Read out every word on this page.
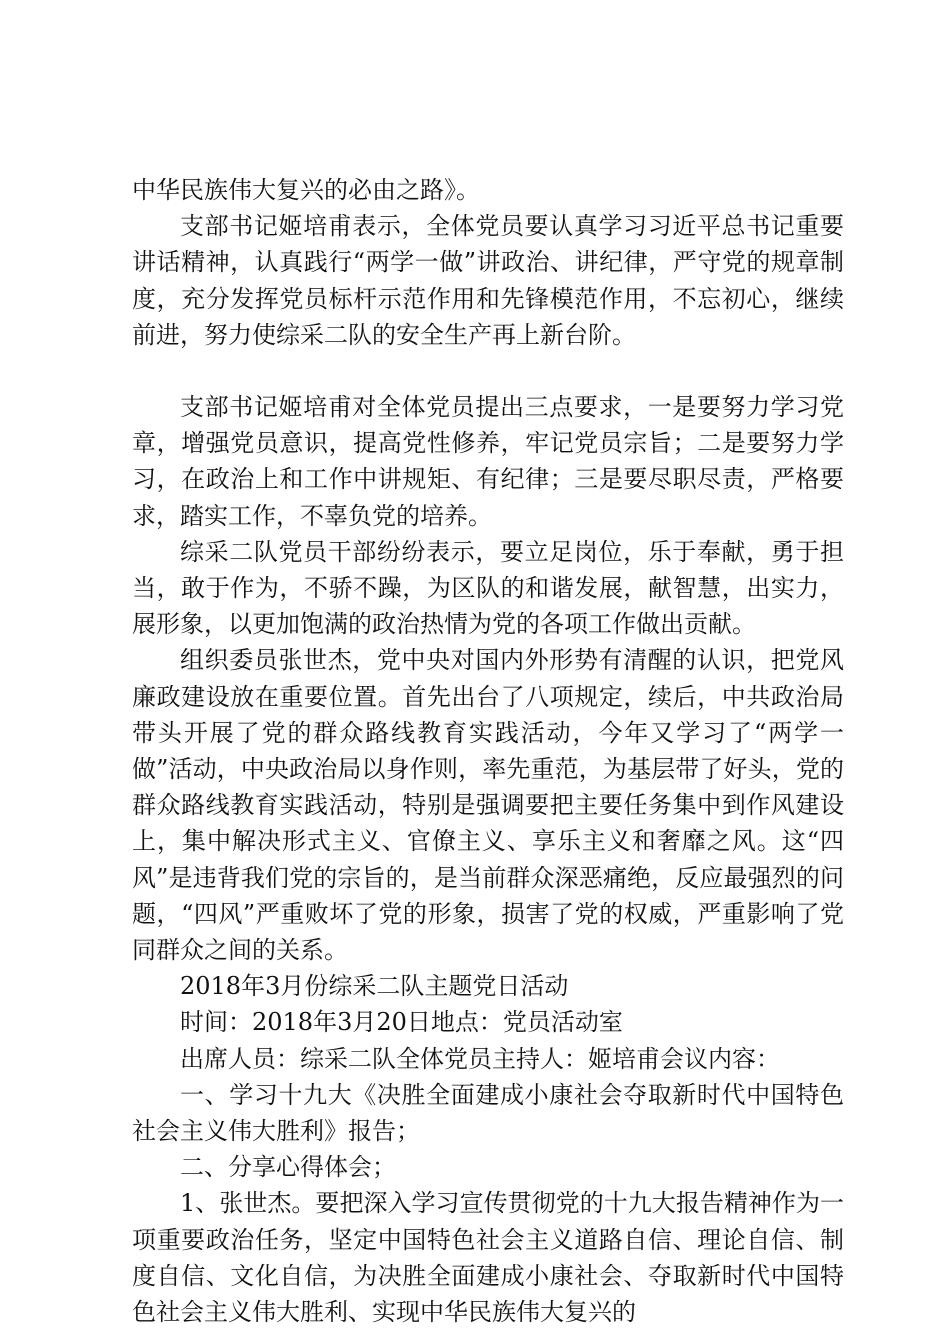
中华民族伟大复兴的必由之路》。

支部书记姬培甫表示，全体党员要认真学习习近平总书记重要讲话精神，认真践行“两学一做”讲政治、讲纪律，严守党的规章制度，充分发挥党员标杆示范作用和先锋模范作用，不忘初心，继续前进，努力使综采二队的安全生产再上新台阶。

支部书记姬培甫对全体党员提出三点要求，一是要努力学习党章，增强党员意识，提高党性修养，牢记党员宗旨；二是要努力学习，在政治上和工作中讲规矩、有纪律；三是要尽职尽责，严格要求，踏实工作，不辜负党的培养。

综采二队党员干部纷纷表示，要立足岗位，乐于奉献，勇于担当，敢于作为，不骄不躁，为区队的和谐发展，献智慧，出实力，展形象，以更加饱满的政治热情为党的各项工作做出贡献。

组织委员张世杰，党中央对国内外形势有清醒的认识，把党风廉政建设放在重要位置。首先出台了八项规定，续后，中共政治局带头开展了党的群众路线教育实践活动，今年又学习了“两学一做”活动，中央政治局以身作则，率先重范，为基层带了好头，党的群众路线教育实践活动，特别是强调要把主要任务集中到作风建设上，集中解决形式主义、官僚主义、享乐主义和奢靡之风。这“四风”是违背我们党的宗旨的，是当前群众深恶痛绝，反应最强烈的问题，“四风”严重败坏了党的形象，损害了党的权威，严重影响了党同群众之间的关系。

2018年3月份综采二队主题党日活动

时间：2018年3月20日地点：党员活动室

出席人员：综采二队全体党员主持人：姬培甫会议内容：

一、学习十九大《决胜全面建成小康社会夺取新时代中国特色社会主义伟大胜利》报告；

二、分享心得体会；

1、张世杰。要把深入学习宣传贯彻党的十九大报告精神作为一项重要政治任务，坚定中国特色社会主义道路自信、理论自信、制度自信、文化自信，为决胜全面建成小康社会、夺取新时代中国特色社会主义伟大胜利、实现中华民族伟大复兴的
